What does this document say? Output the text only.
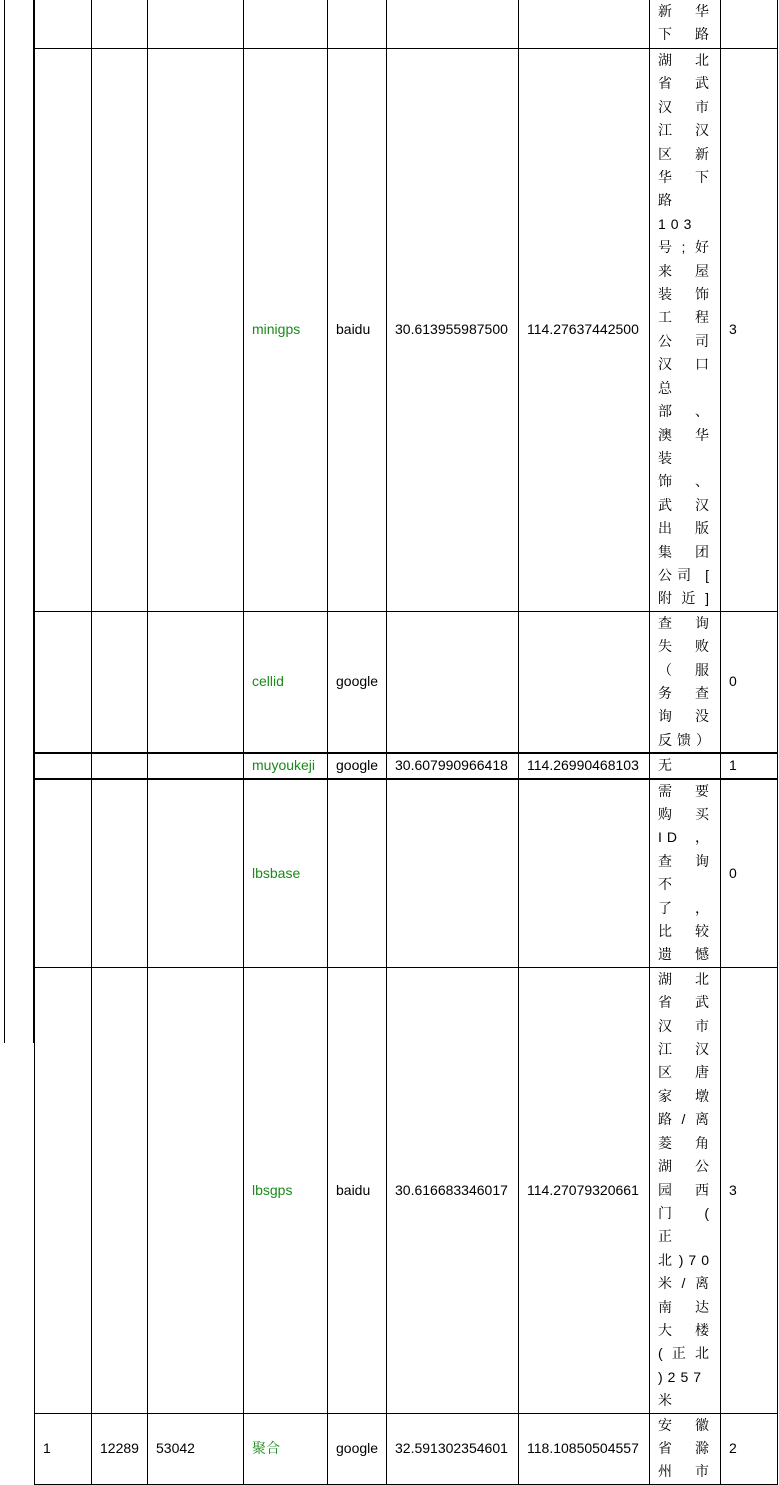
							新华下路	

			minigps	baidu	30.613955987500	114.27637442500	湖北省武汉市江汉区新华下路 103 号;好来屋装饰工程公司汉口总部、澳华装饰、武汉出版集团公司 [ 附近]	3
			cellid	google			查询失败（服务查询没反馈）	0
			muyoukeji	google	30.607990966418	114.26990468103	无	1
			lbsbase				需要购买 ID，查询不了，比较遗憾	0
			lbsgps	baidu	30.616683346017	114.27079320661	湖北省武汉市江汉区唐家墩路/离菱角湖公园西门 ( 正北)70 米/离南达大楼(正北 )257 米	3
1	12289	53042	聚合	google	32.591302354601	118.10850504557	安徽省滁州市	2
